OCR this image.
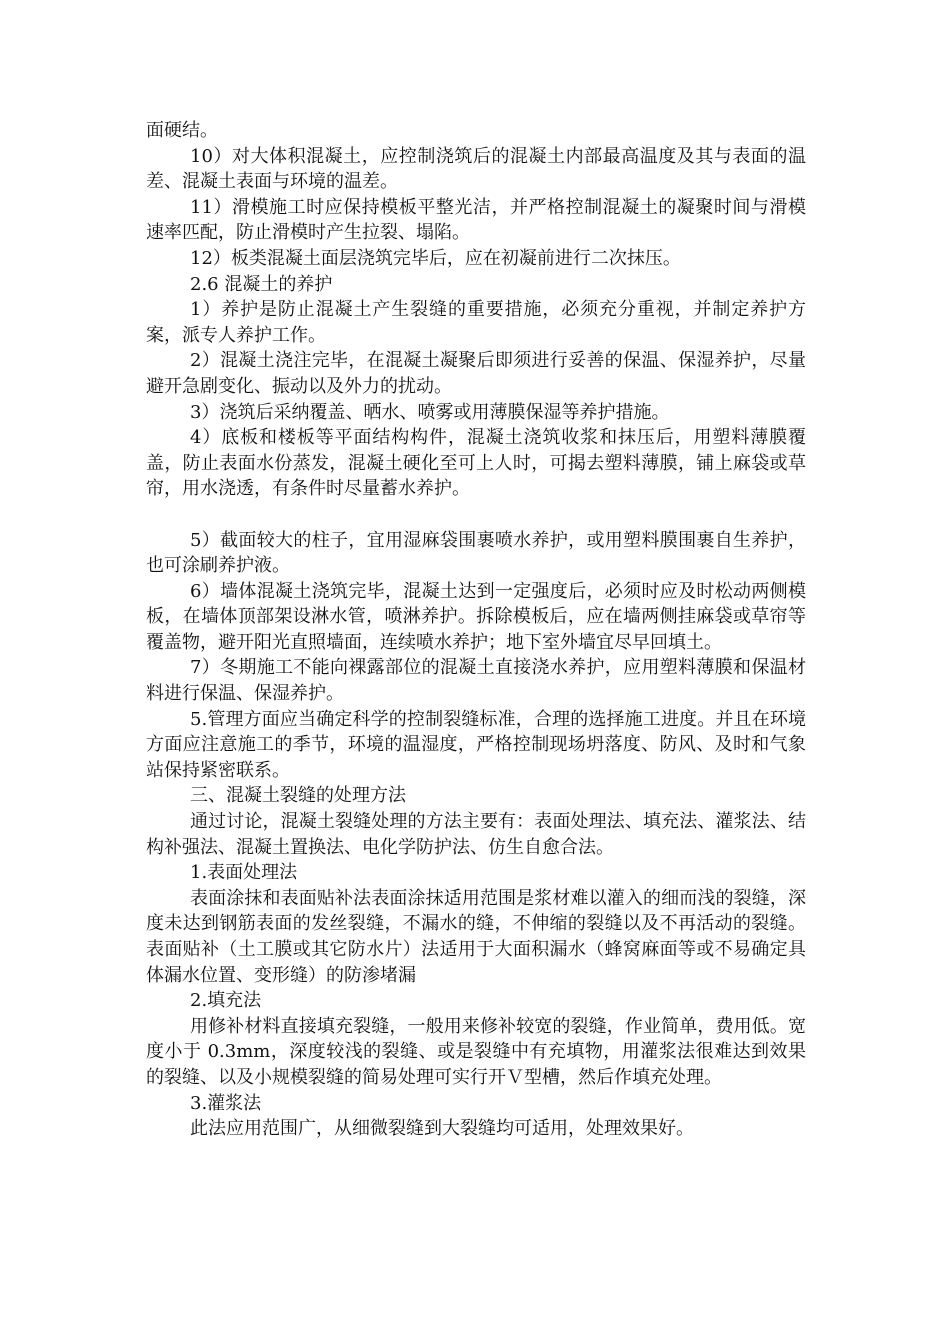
面硬结。

10）对大体积混凝土，应控制浇筑后的混凝土内部最高温度及其与表面的温差、混凝土表面与环境的温差。

11）滑模施工时应保持模板平整光洁，并严格控制混凝土的凝聚时间与滑模速率匹配，防止滑模时产生拉裂、塌陷。

12）板类混凝土面层浇筑完毕后，应在初凝前进行二次抹压。

2.6 混凝土的养护

1）养护是防止混凝土产生裂缝的重要措施，必须充分重视，并制定养护方案，派专人养护工作。

2）混凝土浇注完毕，在混凝土凝聚后即须进行妥善的保温、保湿养护，尽量避开急剧变化、振动以及外力的扰动。

3）浇筑后采纳覆盖、晒水、喷雾或用薄膜保湿等养护措施。

4）底板和楼板等平面结构构件，混凝土浇筑收浆和抹压后，用塑料薄膜覆盖，防止表面水份蒸发，混凝土硬化至可上人时，可揭去塑料薄膜，铺上麻袋或草帘，用水浇透，有条件时尽量蓄水养护。

5）截面较大的柱子，宜用湿麻袋围裹喷水养护，或用塑料膜围裹自生养护，也可涂刷养护液。

6）墙体混凝土浇筑完毕，混凝土达到一定强度后，必须时应及时松动两侧模板，在墙体顶部架设淋水管，喷淋养护。拆除模板后，应在墙两侧挂麻袋或草帘等覆盖物，避开阳光直照墙面，连续喷水养护；地下室外墙宜尽早回填土。

7）冬期施工不能向裸露部位的混凝土直接浇水养护，应用塑料薄膜和保温材料进行保温、保湿养护。

5.管理方面应当确定科学的控制裂缝标准，合理的选择施工进度。并且在环境方面应注意施工的季节，环境的温湿度，严格控制现场坍落度、防风、及时和气象站保持紧密联系。

三、混凝土裂缝的处理方法

通过讨论，混凝土裂缝处理的方法主要有：表面处理法、填充法、灌浆法、结构补强法、混凝土置换法、电化学防护法、仿生自愈合法。

1.表面处理法

表面涂抹和表面贴补法表面涂抹适用范围是浆材难以灌入的细而浅的裂缝，深度未达到钢筋表面的发丝裂缝，不漏水的缝，不伸缩的裂缝以及不再活动的裂缝。表面贴补（土工膜或其它防水片）法适用于大面积漏水（蜂窝麻面等或不易确定具体漏水位置、变形缝）的防渗堵漏

2.填充法

用修补材料直接填充裂缝，一般用来修补较宽的裂缝，作业简单，费用低。宽度小于 0.3mm，深度较浅的裂缝、或是裂缝中有充填物，用灌浆法很难达到效果的裂缝、以及小规模裂缝的简易处理可实行开Ｖ型槽，然后作填充处理。

3.灌浆法

此法应用范围广，从细微裂缝到大裂缝均可适用，处理效果好。
